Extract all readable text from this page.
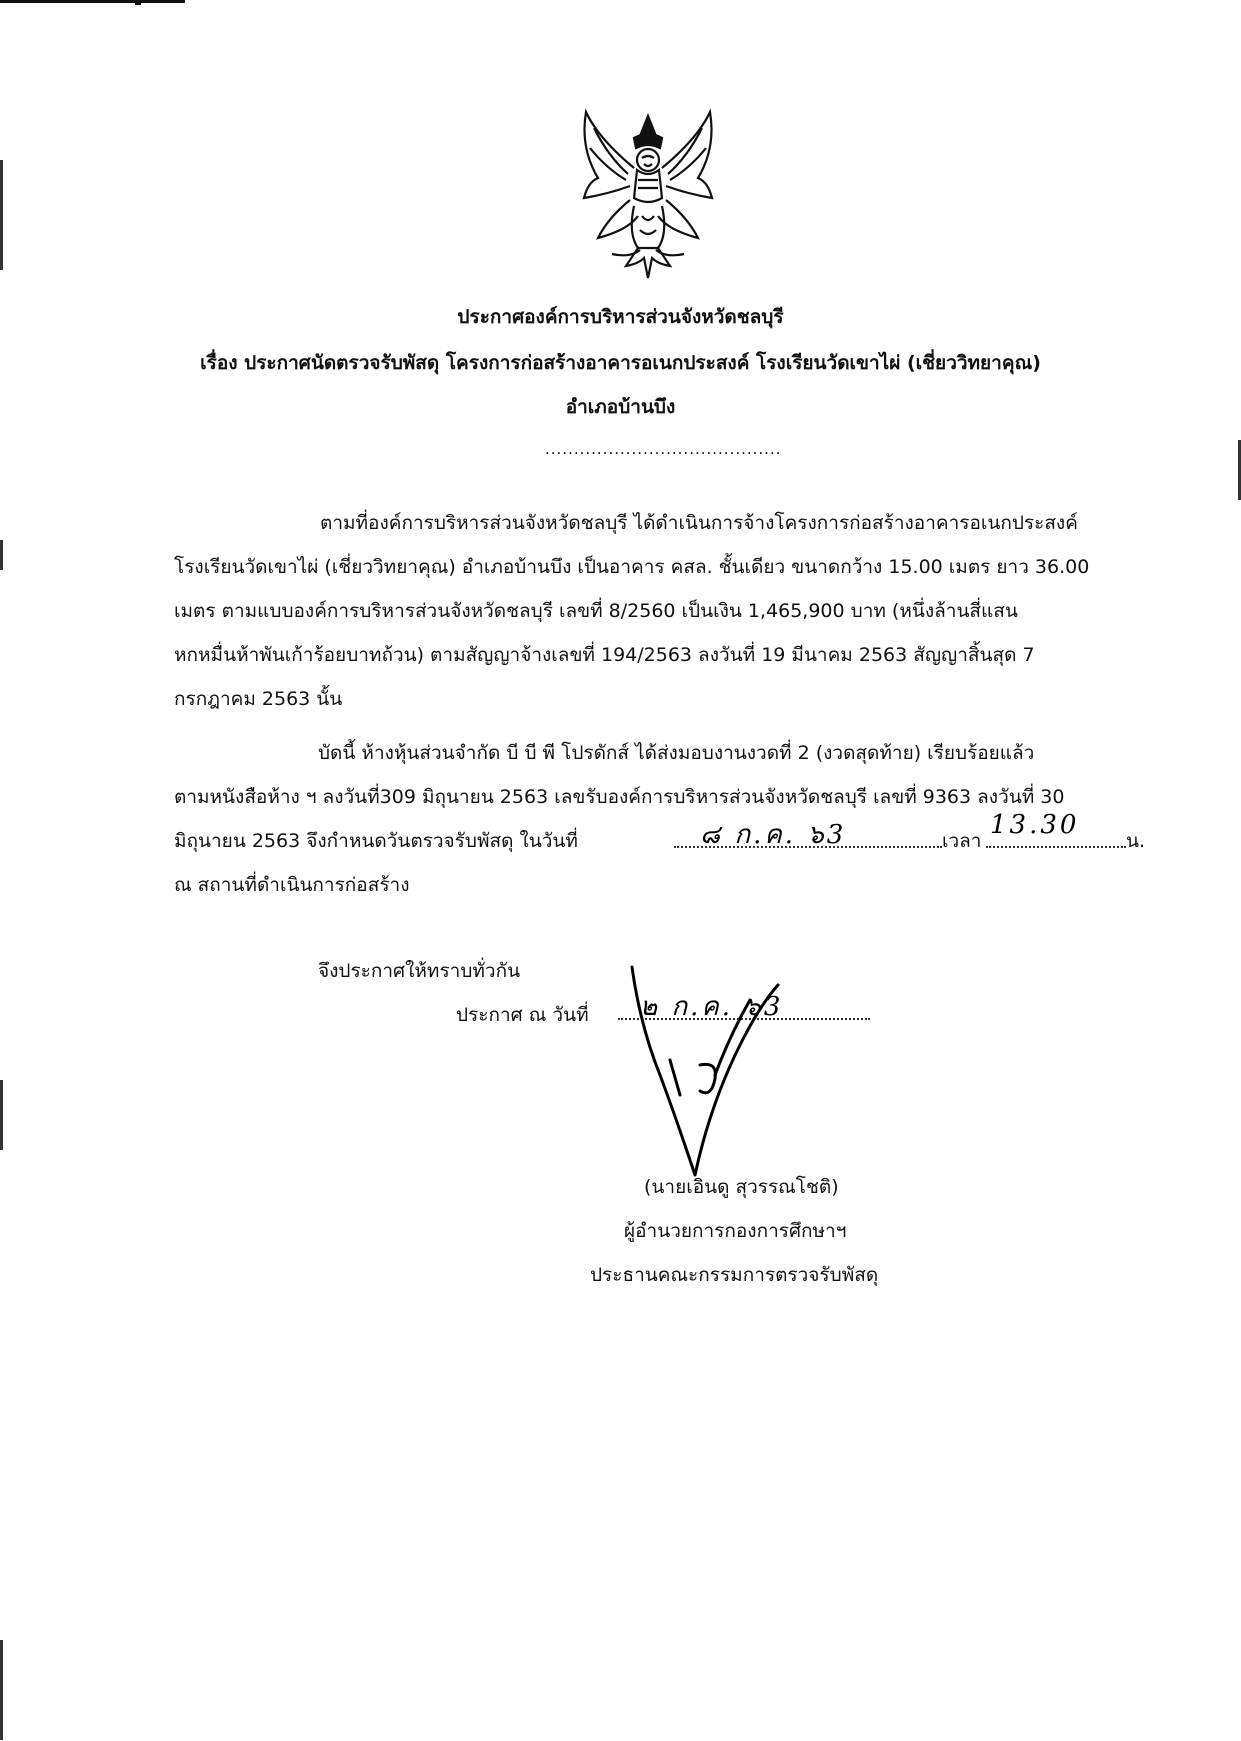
ประกาศองค์การบริหารส่วนจังหวัดชลบุรี
เรื่อง ประกาศนัดตรวจรับพัสดุ โครงการก่อสร้างอาคารอเนกประสงค์ โรงเรียนวัดเขาไผ่ (เชี่ยววิทยาคุณ)
อำเภอบ้านบึง
.........................................
ตามที่องค์การบริหารส่วนจังหวัดชลบุรี ได้ดำเนินการจ้างโครงการก่อสร้างอาคารอเนกประสงค์
โรงเรียนวัดเขาไผ่ (เชี่ยววิทยาคุณ) อำเภอบ้านบึง เป็นอาคาร คสล. ชั้นเดียว ขนาดกว้าง 15.00 เมตร ยาว 36.00
เมตร ตามแบบองค์การบริหารส่วนจังหวัดชลบุรี เลขที่ 8/2560 เป็นเงิน 1,465,900 บาท (หนึ่งล้านสี่แสน
หกหมื่นห้าพันเก้าร้อยบาทถ้วน) ตามสัญญาจ้างเลขที่ 194/2563 ลงวันที่ 19 มีนาคม 2563 สัญญาสิ้นสุด 7
กรกฎาคม 2563 นั้น
บัดนี้ ห้างหุ้นส่วนจำกัด บี บี พี โปรดักส์ ได้ส่งมอบงานงวดที่ 2 (งวดสุดท้าย) เรียบร้อยแล้ว
ตามหนังสือห้าง ฯ ลงวันที่309 มิถุนายน 2563 เลขรับองค์การบริหารส่วนจังหวัดชลบุรี เลขที่ 9363 ลงวันที่ 30
มิถุนายน 2563 จึงกำหนดวันตรวจรับพัสดุ ในวันที่	๘ ก.ค. ๖3	เวลา
13.30
น.
ณ สถานที่ดำเนินการก่อสร้าง
จึงประกาศให้ทราบทั่วกัน
ประกาศ ณ วันที่ ๒ ก.ค. ๖3
(นายเอินดู สุวรรณโชติ)
ผู้อำนวยการกองการศึกษาฯ
ประธานคณะกรรมการตรวจรับพัสดุ
